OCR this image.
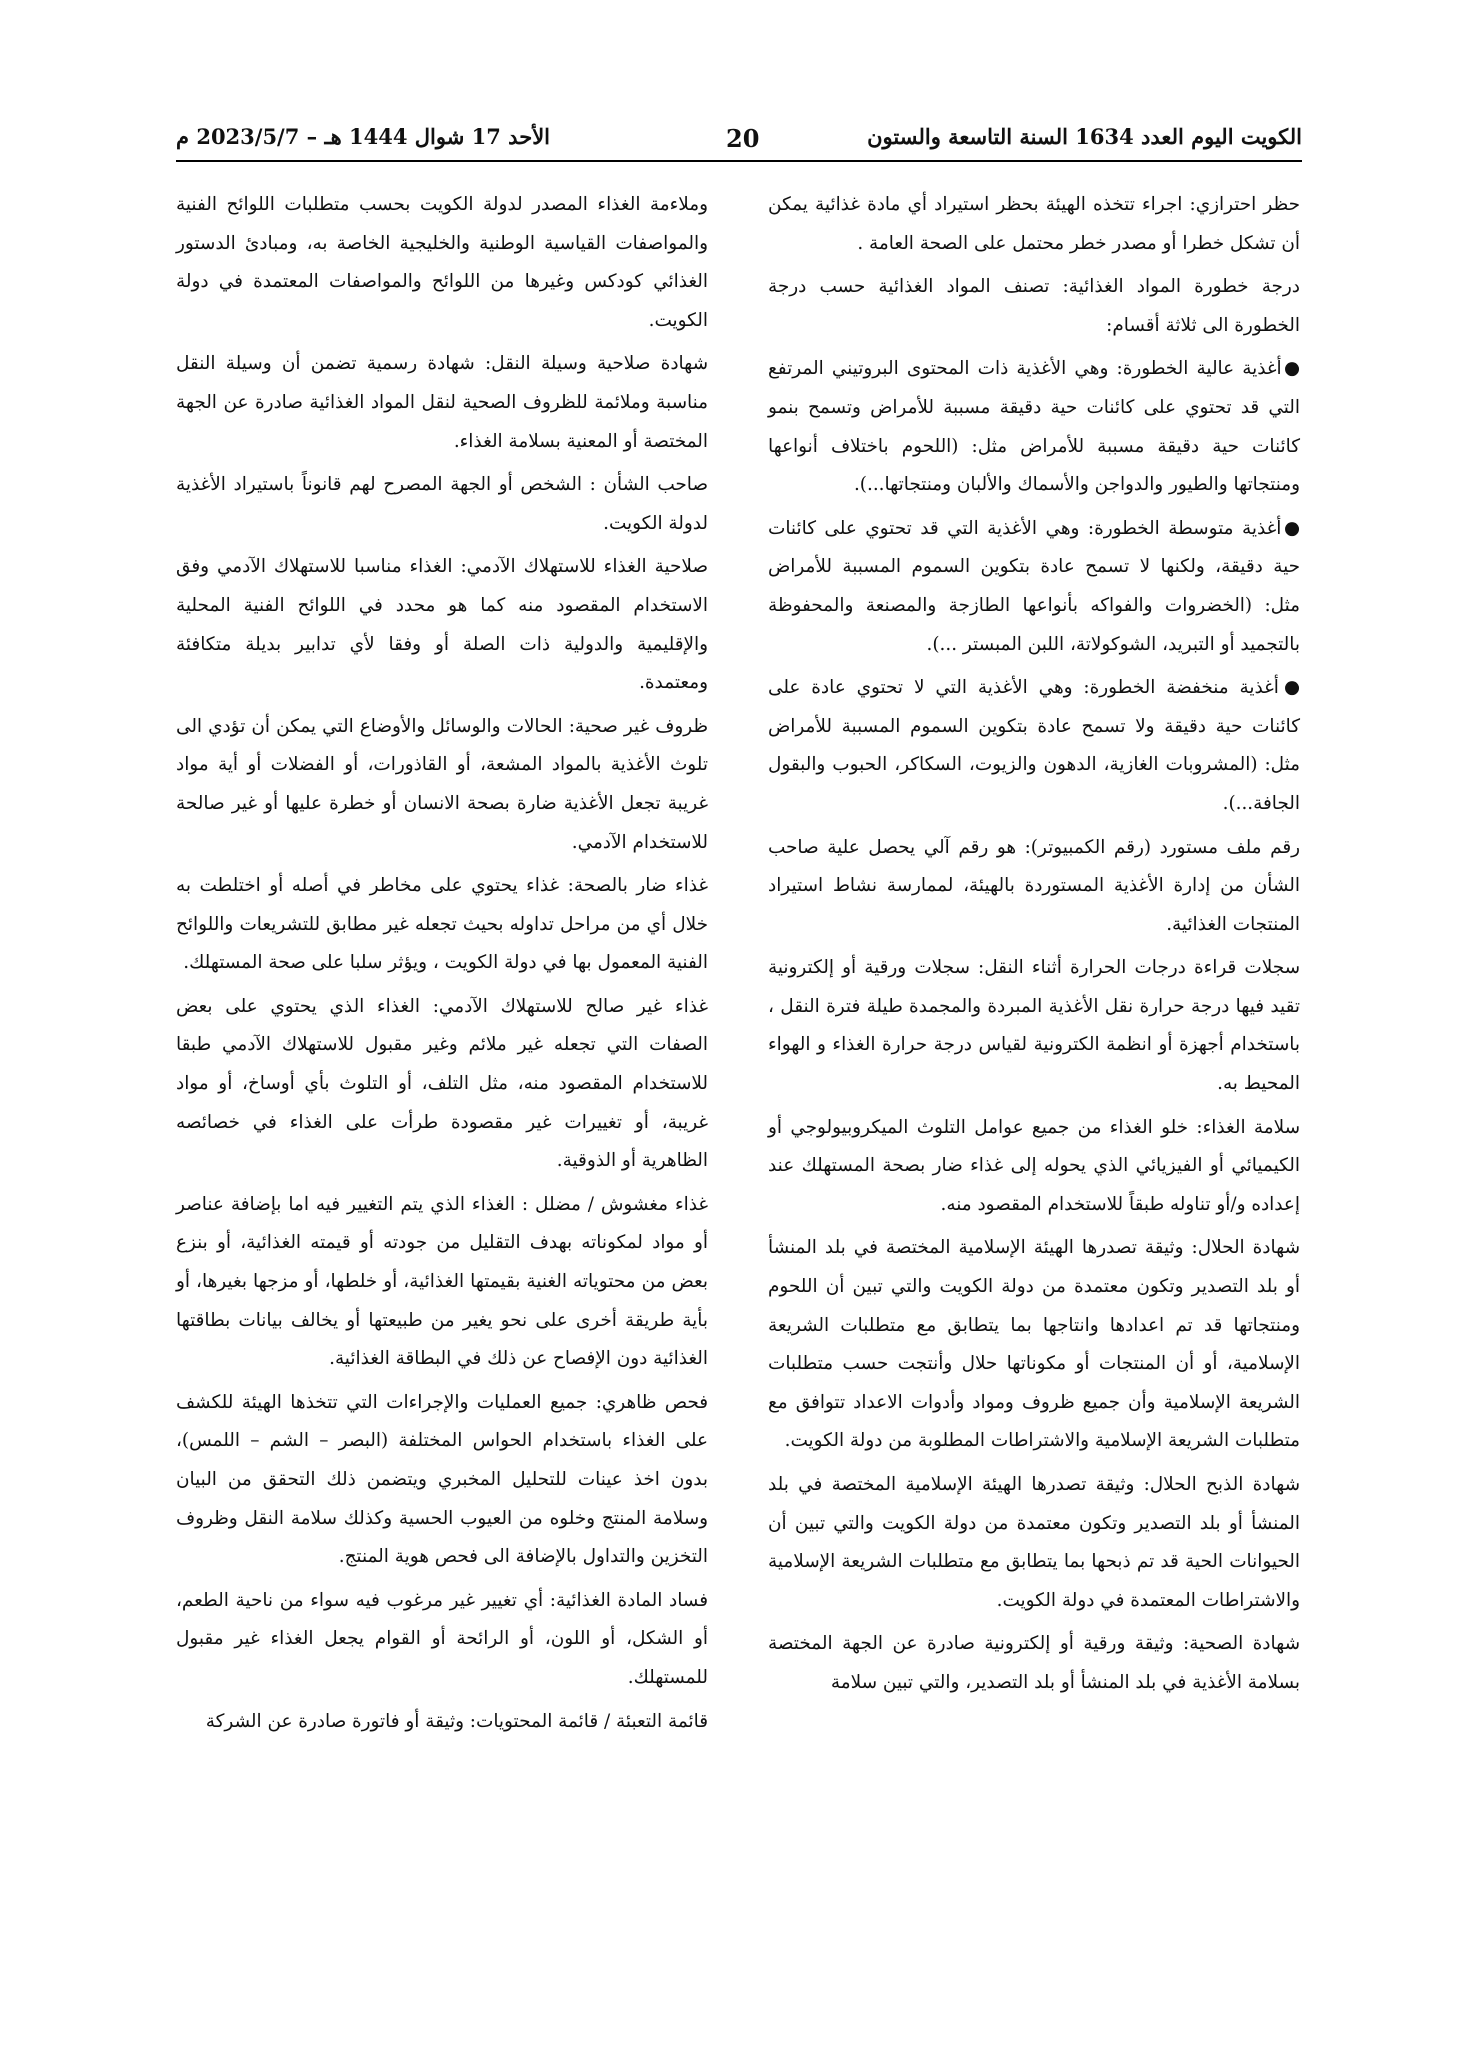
الكويت اليوم العدد 1634 السنة التاسعة والستون
20
الأحد 17 شوال 1444 هـ – 2023/5/7 م

حظر احترازي: اجراء تتخذه الهيئة بحظر استيراد أي مادة غذائية يمكن أن تشكل خطرا أو مصدر خطر محتمل على الصحة العامة .

درجة خطورة المواد الغذائية: تصنف المواد الغذائية حسب درجة الخطورة الى ثلاثة أقسام:

●أغذية عالية الخطورة: وهي الأغذية ذات المحتوى البروتيني المرتفع التي قد تحتوي على كائنات حية دقيقة مسببة للأمراض وتسمح بنمو كائنات حية دقيقة مسببة للأمراض مثل: (اللحوم باختلاف أنواعها ومنتجاتها والطيور والدواجن والأسماك والألبان ومنتجاتها...).

●أغذية متوسطة الخطورة: وهي الأغذية التي قد تحتوي على كائنات حية دقيقة، ولكنها لا تسمح عادة بتكوين السموم المسببة للأمراض مثل: (الخضروات والفواكه بأنواعها الطازجة والمصنعة والمحفوظة بالتجميد أو التبريد، الشوكولاتة، اللبن المبستر ...).

●أغذية منخفضة الخطورة: وهي الأغذية التي لا تحتوي عادة على كائنات حية دقيقة ولا تسمح عادة بتكوين السموم المسببة للأمراض مثل: (المشروبات الغازية، الدهون والزيوت، السكاكر، الحبوب والبقول الجافة...).

رقم ملف مستورد (رقم الكمبيوتر): هو رقم آلي يحصل علية صاحب الشأن من إدارة الأغذية المستوردة بالهيئة، لممارسة نشاط استيراد المنتجات الغذائية.

سجلات قراءة درجات الحرارة أثناء النقل: سجلات ورقية أو إلكترونية تقيد فيها درجة حرارة نقل الأغذية المبردة والمجمدة طيلة فترة النقل ، باستخدام أجهزة أو انظمة الكترونية لقياس درجة حرارة الغذاء و الهواء المحيط به.

سلامة الغذاء: خلو الغذاء من جميع عوامل التلوث الميكروبيولوجي أو الكيميائي أو الفيزيائي الذي يحوله إلى غذاء ضار بصحة المستهلك عند إعداده و/أو تناوله طبقاً للاستخدام المقصود منه.

شهادة الحلال: وثيقة تصدرها الهيئة الإسلامية المختصة في بلد المنشأ أو بلد التصدير وتكون معتمدة من دولة الكويت والتي تبين أن اللحوم ومنتجاتها قد تم اعدادها وانتاجها بما يتطابق مع متطلبات الشريعة الإسلامية، أو أن المنتجات أو مكوناتها حلال وأنتجت حسب متطلبات الشريعة الإسلامية وأن جميع ظروف ومواد وأدوات الاعداد تتوافق مع متطلبات الشريعة الإسلامية والاشتراطات المطلوبة من دولة الكويت.

شهادة الذبح الحلال: وثيقة تصدرها الهيئة الإسلامية المختصة في بلد المنشأ أو بلد التصدير وتكون معتمدة من دولة الكويت والتي تبين أن الحيوانات الحية قد تم ذبحها بما يتطابق مع متطلبات الشريعة الإسلامية والاشتراطات المعتمدة في دولة الكويت.

شهادة الصحية: وثيقة ورقية أو إلكترونية صادرة عن الجهة المختصة بسلامة الأغذية في بلد المنشأ أو بلد التصدير، والتي تبين سلامة

وملاءمة الغذاء المصدر لدولة الكويت بحسب متطلبات اللوائح الفنية والمواصفات القياسية الوطنية والخليجية الخاصة به، ومبادئ الدستور الغذائي كودكس وغيرها من اللوائح والمواصفات المعتمدة في دولة الكويت.

شهادة صلاحية وسيلة النقل: شهادة رسمية تضمن أن وسيلة النقل مناسبة وملائمة للظروف الصحية لنقل المواد الغذائية صادرة عن الجهة المختصة أو المعنية بسلامة الغذاء.

صاحب الشأن : الشخص أو الجهة المصرح لهم قانوناً باستيراد الأغذية لدولة الكويت.

صلاحية الغذاء للاستهلاك الآدمي: الغذاء مناسبا للاستهلاك الآدمي وفق الاستخدام المقصود منه كما هو محدد في اللوائح الفنية المحلية والإقليمية والدولية ذات الصلة أو وفقا لأي تدابير بديلة متكافئة ومعتمدة.

ظروف غير صحية: الحالات والوسائل والأوضاع التي يمكن أن تؤدي الى تلوث الأغذية بالمواد المشعة، أو القاذورات، أو الفضلات أو أية مواد غريبة تجعل الأغذية ضارة بصحة الانسان أو خطرة عليها أو غير صالحة للاستخدام الآدمي.

غذاء ضار بالصحة: غذاء يحتوي على مخاطر في أصله أو اختلطت به خلال أي من مراحل تداوله بحيث تجعله غير مطابق للتشريعات واللوائح الفنية المعمول بها في دولة الكويت ، ويؤثر سلبا على صحة المستهلك.

غذاء غير صالح للاستهلاك الآدمي: الغذاء الذي يحتوي على بعض الصفات التي تجعله غير ملائم وغير مقبول للاستهلاك الآدمي طبقا للاستخدام المقصود منه، مثل التلف، أو التلوث بأي أوساخ، أو مواد غريبة، أو تغييرات غير مقصودة طرأت على الغذاء في خصائصه الظاهرية أو الذوقية.

غذاء مغشوش / مضلل : الغذاء الذي يتم التغيير فيه اما بإضافة عناصر أو مواد لمكوناته بهدف التقليل من جودته أو قيمته الغذائية، أو بنزع بعض من محتوياته الغنية بقيمتها الغذائية، أو خلطها، أو مزجها بغيرها، أو بأية طريقة أخرى على نحو يغير من طبيعتها أو يخالف بيانات بطاقتها الغذائية دون الإفصاح عن ذلك في البطاقة الغذائية.

فحص ظاهري: جميع العمليات والإجراءات التي تتخذها الهيئة للكشف على الغذاء باستخدام الحواس المختلفة (البصر – الشم – اللمس)، بدون اخذ عينات للتحليل المخبري ويتضمن ذلك التحقق من البيان وسلامة المنتج وخلوه من العيوب الحسية وكذلك سلامة النقل وظروف التخزين والتداول بالإضافة الى فحص هوية المنتج.

فساد المادة الغذائية: أي تغيير غير مرغوب فيه سواء من ناحية الطعم، أو الشكل، أو اللون، أو الرائحة أو القوام يجعل الغذاء غير مقبول للمستهلك.

قائمة التعبئة / قائمة المحتويات: وثيقة أو فاتورة صادرة عن الشركة
